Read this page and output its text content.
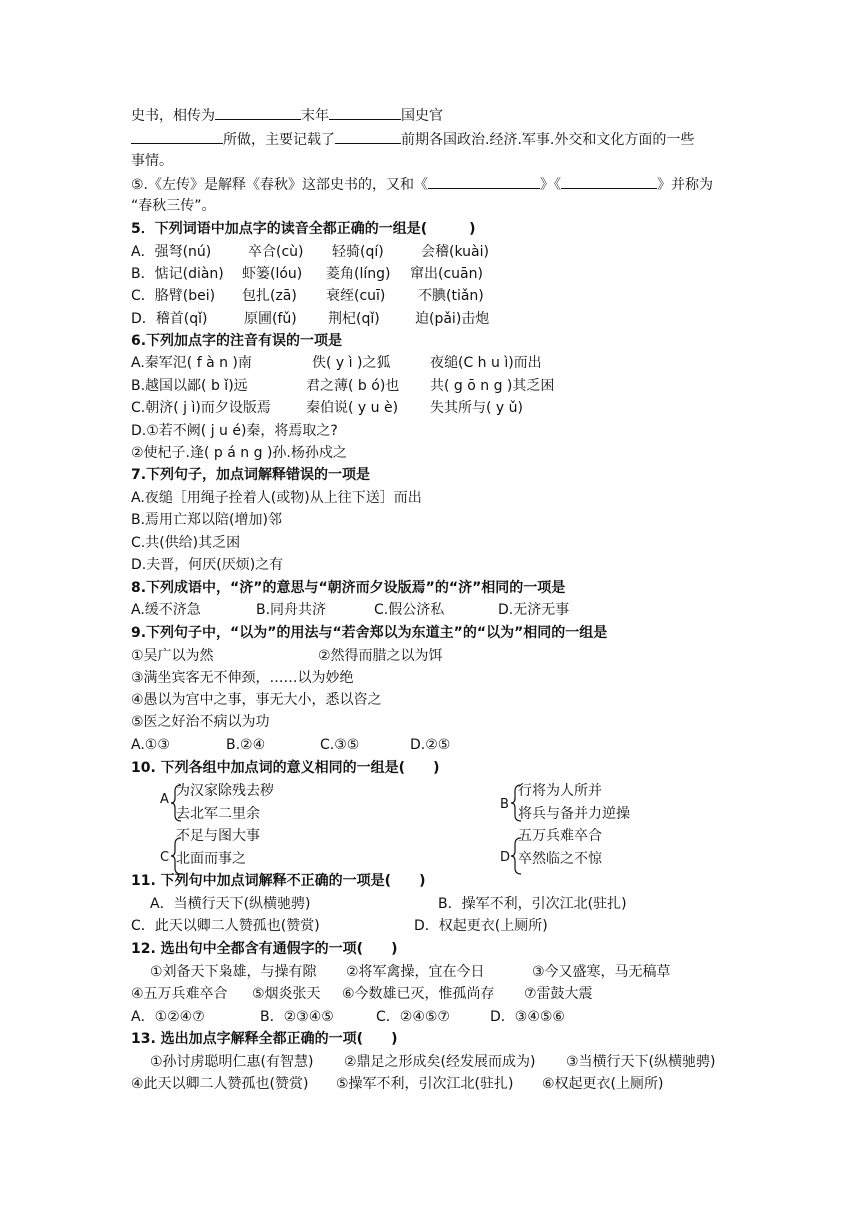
史书，相传为	末年	国史官
所做，主要记载了	前期各国政治.经济.军事.外交和文化方面的一些
事情。
⑤.《左传》是解释《春秋》这部史书的，又和《	》《	》并称为
“春秋三传”。
5．下列词语中加点字的读音全都正确的一组是(　　　)
A．强弩(nú)	卒合(cù) 轻骑(qí)	会稽(kuài)
B．惦记(diàn) 虾篓(lóu) 菱角(líng) 窜出(cuān)
C．胳臂(bei) 包扎(zā) 衰绖(cuī) 不腆(tiǎn)
D．稽首(qǐ)	原圃(fǔ) 荆杞(qǐ)	迫(pǎi)击炮
6.下列加点字的注音有误的一项是
A.秦军氾( f à n )南	佚( y ì )之狐	夜缒(C h u ì)而出
B.越国以鄙( b ǐ)远	君之薄( b ó)也 共( g ō n g )其乏困
C.朝济( j ì)而夕设版焉	秦伯说( y u è) 失其所与( y ǔ)
D.①若不阙( j u é)秦，将焉取之?
②使杞子.逢( p á n g )孙.杨孙戍之
7.下列句子，加点词解释错误的一项是
A.夜缒［用绳子拴着人(或物)从上往下送］而出
B.焉用亡郑以陪(增加)邻
C.共(供给)其乏困
D.夫晋，何厌(厌烦)之有
8.下列成语中，“济”的意思与“朝济而夕设版焉”的“济”相同的一项是
A.缓不济急	B.同舟共济	C.假公济私	D.无济无事
9.下列句子中，“以为”的用法与“若舍郑以为东道主”的“以为”相同的一组是
①吴广以为然	②然得而腊之以为饵
③满坐宾客无不伸颈，……以为妙绝
④愚以为宫中之事，事无大小，悉以咨之
⑤医之好治不病以为功
A.①③	B.②④	C.③⑤	D.②⑤
10. 下列各组中加点词的意义相同的一组是(　　)
A
为汉家除残去秽
去北军二里余
B
行将为人所并
将兵与备并力逆操
C
不足与图大事
北面而事之	D
五万兵难卒合
卒然临之不惊
11. 下列句中加点词解释不正确的一项是(　　)
A．当横行天下(纵横驰骋)	B．操军不利，引次江北(驻扎)
C．此天以卿二人赞孤也(赞赏)	D．权起更衣(上厕所)
12. 选出句中全都含有通假字的一项(　　)
①刘备天下枭雄，与操有隙 ②将军禽操，宜在今日	③今又盛寒，马无稿草
④五万兵难卒合 ⑤烟炎张天 ⑥今数雄已灭，惟孤尚存 ⑦雷鼓大震
A．①②④⑦	B．②③④⑤	C．②④⑤⑦	D．③④⑤⑥
13. 选出加点字解释全都正确的一项(　　)
①孙讨虏聪明仁惠(有智慧) ②鼎足之形成矣(经发展而成为) ③当横行天下(纵横驰骋)
④此天以卿二人赞孤也(赞赏) ⑤操军不利，引次江北(驻扎) ⑥权起更衣(上厕所)
